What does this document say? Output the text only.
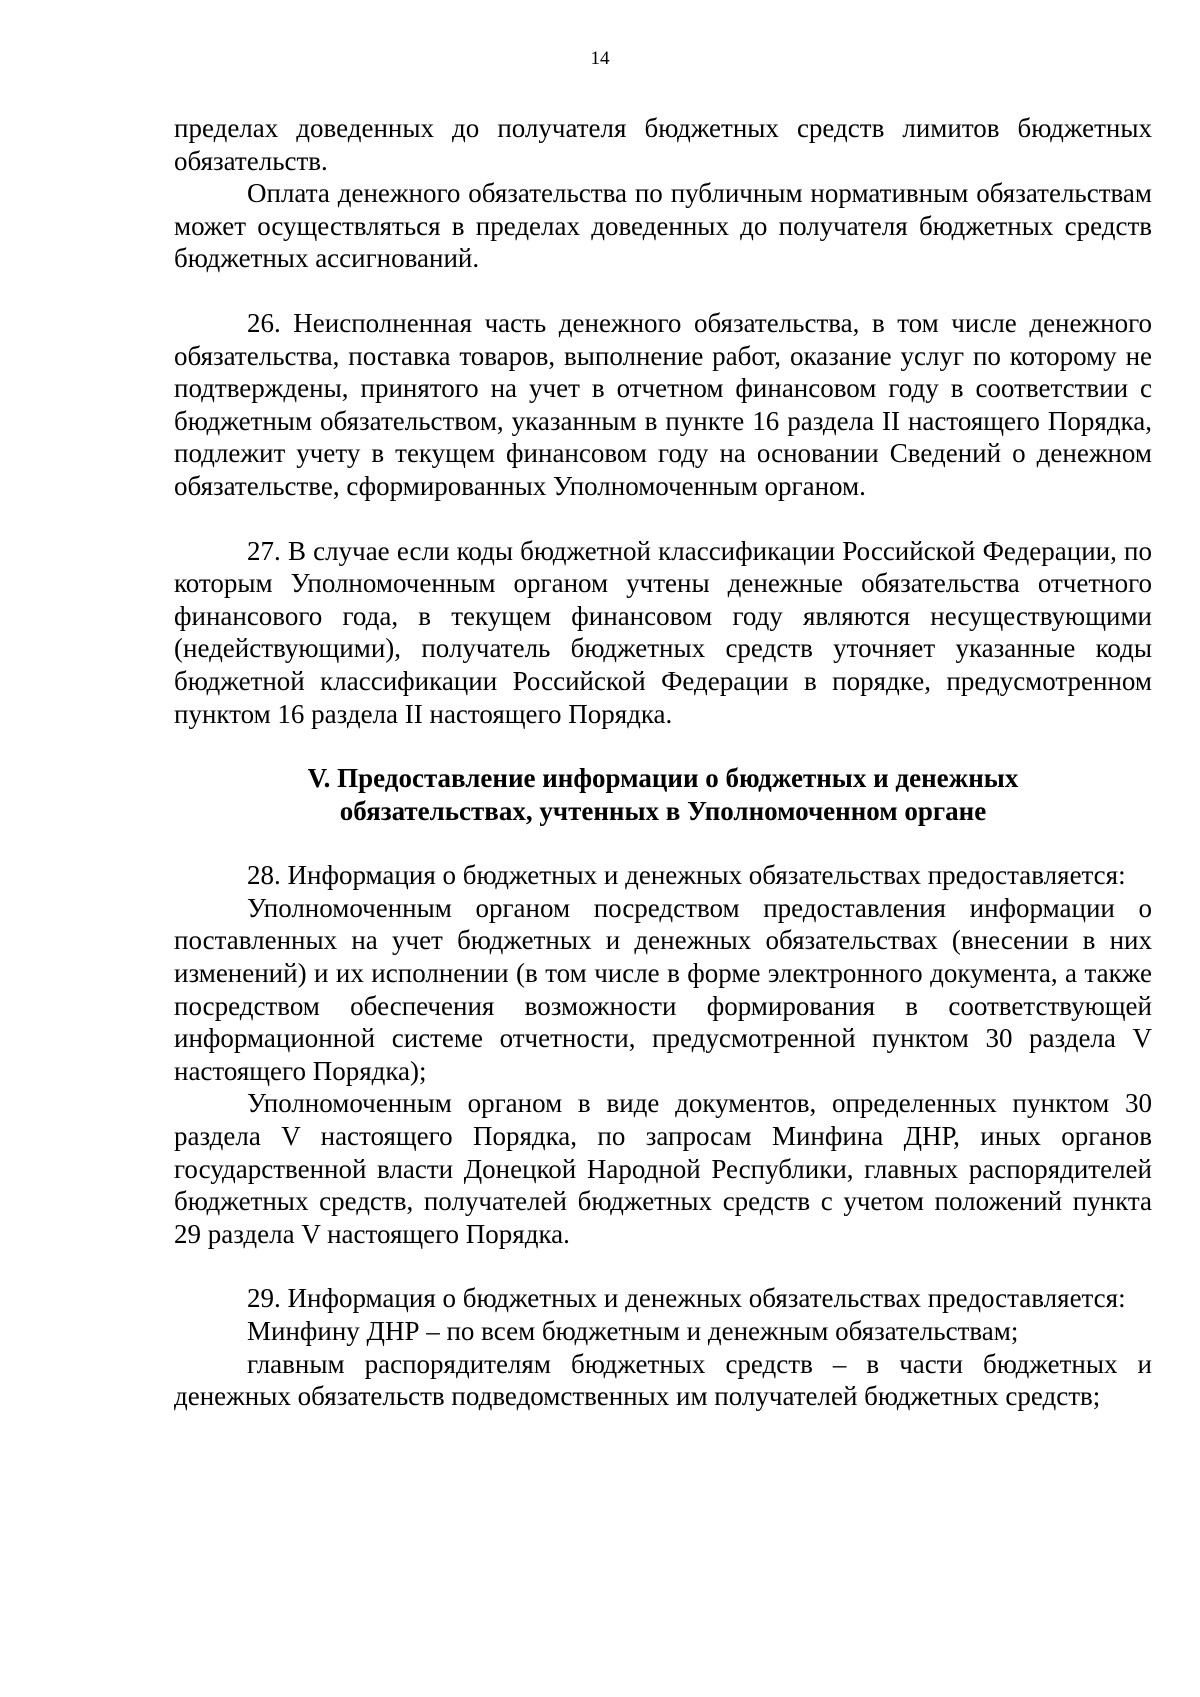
14

пределах доведенных до получателя бюджетных средств лимитов бюджетных обязательств.

Оплата денежного обязательства по публичным нормативным обязательствам может осуществляться в пределах доведенных до получателя бюджетных средств бюджетных ассигнований.

26. Неисполненная часть денежного обязательства, в том числе денежного обязательства, поставка товаров, выполнение работ, оказание услуг по которому не подтверждены, принятого на учет в отчетном финансовом году в соответствии с бюджетным обязательством, указанным в пункте 16 раздела II настоящего Порядка, подлежит учету в текущем финансовом году на основании Сведений о денежном обязательстве, сформированных Уполномоченным органом.

27. В случае если коды бюджетной классификации Российской Федерации, по которым Уполномоченным органом учтены денежные обязательства отчетного финансового года, в текущем финансовом году являются несуществующими (недействующими), получатель бюджетных средств уточняет указанные коды бюджетной классификации Российской Федерации в порядке, предусмотренном пунктом 16 раздела II настоящего Порядка.

V. Предоставление информации о бюджетных и денежных
обязательствах, учтенных в Уполномоченном органе

28. Информация о бюджетных и денежных обязательствах предоставляется:

Уполномоченным органом посредством предоставления информации о поставленных на учет бюджетных и денежных обязательствах (внесении в них изменений) и их исполнении (в том числе в форме электронного документа, а также посредством обеспечения возможности формирования в соответствующей информационной системе отчетности, предусмотренной пунктом 30 раздела V настоящего Порядка);

Уполномоченным органом в виде документов, определенных пунктом 30 раздела V настоящего Порядка, по запросам Минфина ДНР, иных органов государственной власти Донецкой Народной Республики, главных распорядителей бюджетных средств, получателей бюджетных средств с учетом положений пункта 29 раздела V настоящего Порядка.

29. Информация о бюджетных и денежных обязательствах предоставляется:

Минфину ДНР – по всем бюджетным и денежным обязательствам;

главным распорядителям бюджетных средств – в части бюджетных и денежных обязательств подведомственных им получателей бюджетных средств;
